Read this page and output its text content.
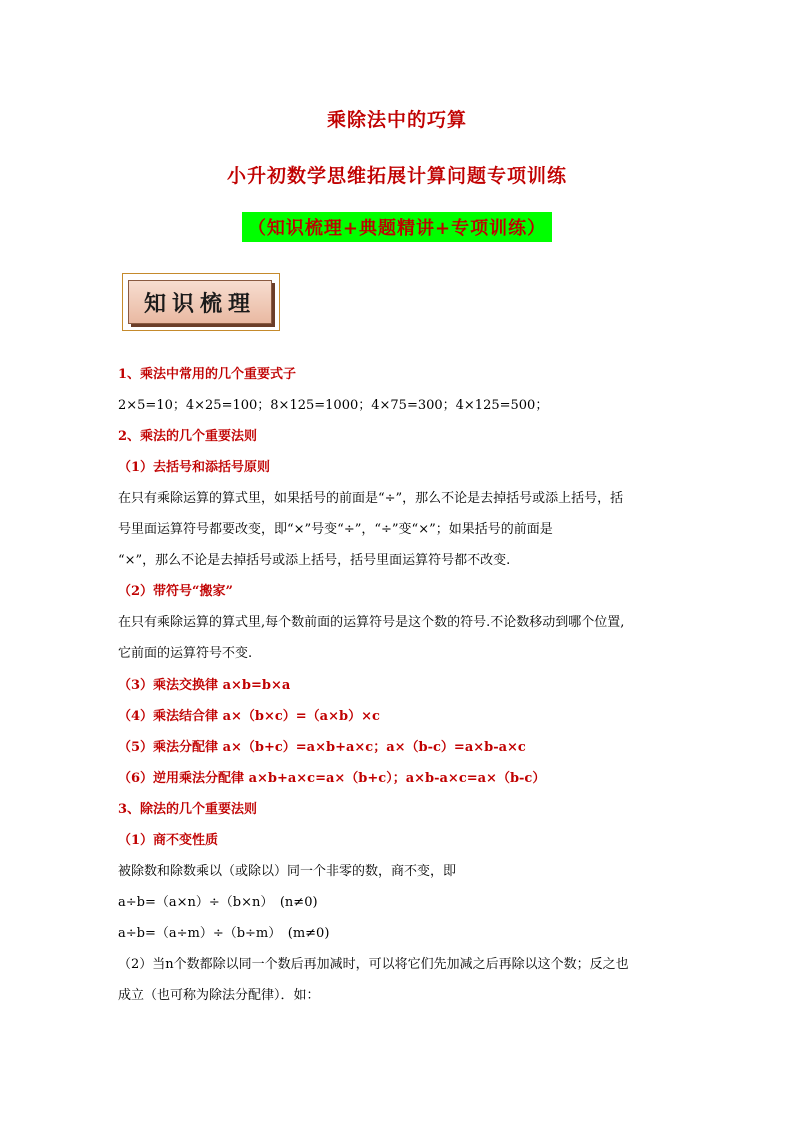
乘除法中的巧算
小升初数学思维拓展计算问题专项训练
（知识梳理+典题精讲+专项训练）
知识梳理
1、乘法中常用的几个重要式子
2×5=10；4×25=100；8×125=1000；4×75=300；4×125=500；
2、乘法的几个重要法则
（1）去括号和添括号原则
在只有乘除运算的算式里，如果括号的前面是“÷”，那么不论是去掉括号或添上括号，括
号里面运算符号都要改变，即“×”号变“÷”，“÷”变“×”；如果括号的前面是
“×”，那么不论是去掉括号或添上括号，括号里面运算符号都不改变.
（2）带符号“搬家”
在只有乘除运算的算式里,每个数前面的运算符号是这个数的符号.不论数移动到哪个位置,
它前面的运算符号不变.
（3）乘法交换律 a×b=b×a
（4）乘法结合律 a×（b×c）=（a×b）×c
（5）乘法分配律 a×（b+c）=a×b+a×c；a×（b-c）=a×b-a×c
（6）逆用乘法分配律 a×b+a×c=a×（b+c）；a×b-a×c=a×（b-c）
3、除法的几个重要法则
（1）商不变性质
被除数和除数乘以（或除以）同一个非零的数，商不变，即
a÷b=（a×n）÷（b×n）　(n≠0)
a÷b=（a÷m）÷（b÷m）　(m≠0)
（2）当n个数都除以同一个数后再加减时，可以将它们先加减之后再除以这个数；反之也
成立（也可称为除法分配律）．如：
